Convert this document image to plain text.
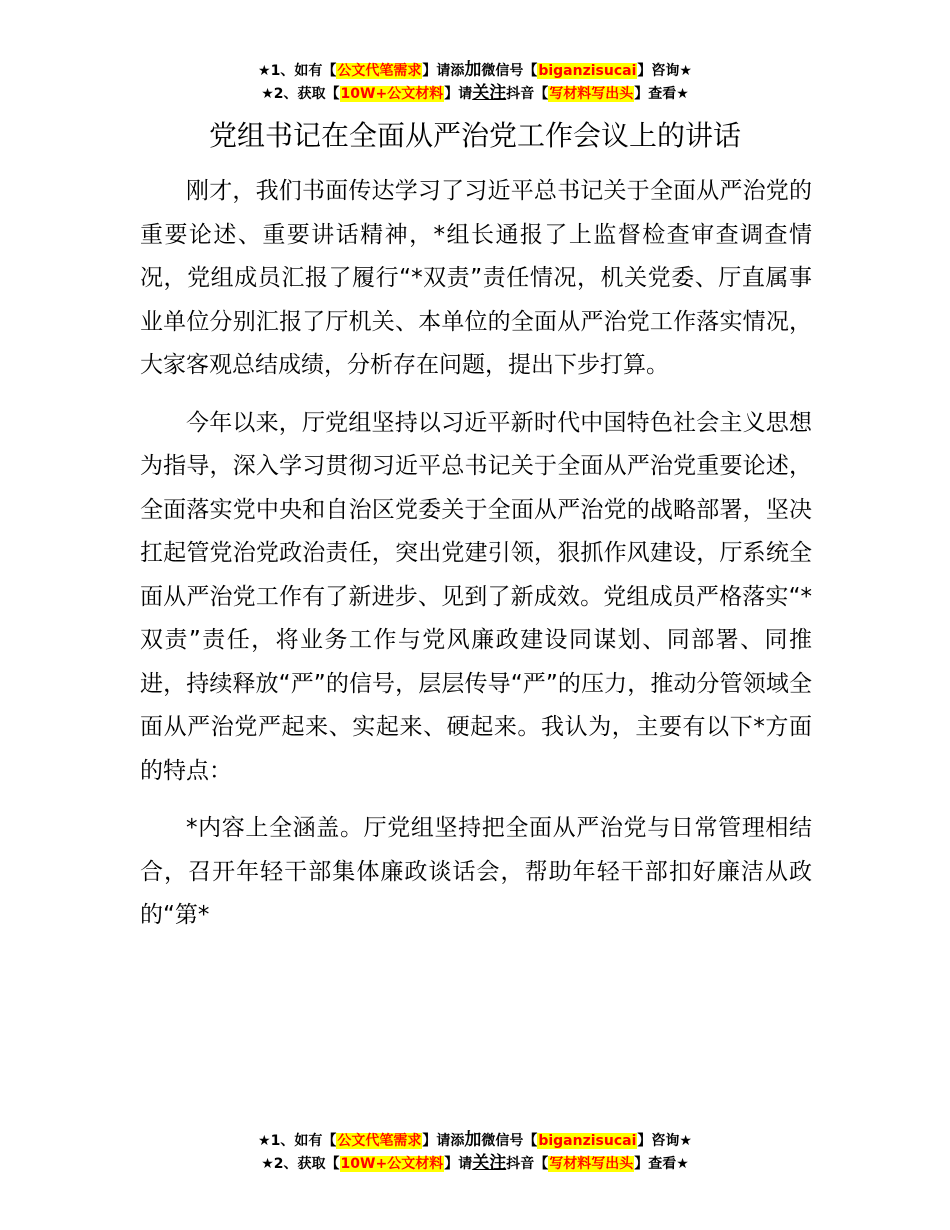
★1、如有【公文代笔需求】请添加微信号【biganzisucai】咨询★
★2、获取【10W+公文材料】请关注抖音【写材料写出头】查看★
党组书记在全面从严治党工作会议上的讲话

刚才，我们书面传达学习了习近平总书记关于全面从严治党的重要论述、重要讲话精神，*组长通报了上监督检查审查调查情况，党组成员汇报了履行“*双责”责任情况，机关党委、厅直属事业单位分别汇报了厅机关、本单位的全面从严治党工作落实情况，大家客观总结成绩，分析存在问题，提出下步打算。

今年以来，厅党组坚持以习近平新时代中国特色社会主义思想为指导，深入学习贯彻习近平总书记关于全面从严治党重要论述，全面落实党中央和自治区党委关于全面从严治党的战略部署，坚决扛起管党治党政治责任，突出党建引领，狠抓作风建设，厅系统全面从严治党工作有了新进步、见到了新成效。党组成员严格落实“*双责”责任，将业务工作与党风廉政建设同谋划、同部署、同推进，持续释放“严”的信号，层层传导“严”的压力，推动分管领域全面从严治党严起来、实起来、硬起来。我认为，主要有以下*方面的特点：

*内容上全涵盖。厅党组坚持把全面从严治党与日常管理相结合，召开年轻干部集体廉政谈话会，帮助年轻干部扣好廉洁从政的“第*

★1、如有【公文代笔需求】请添加微信号【biganzisucai】咨询★
★2、获取【10W+公文材料】请关注抖音【写材料写出头】查看★
